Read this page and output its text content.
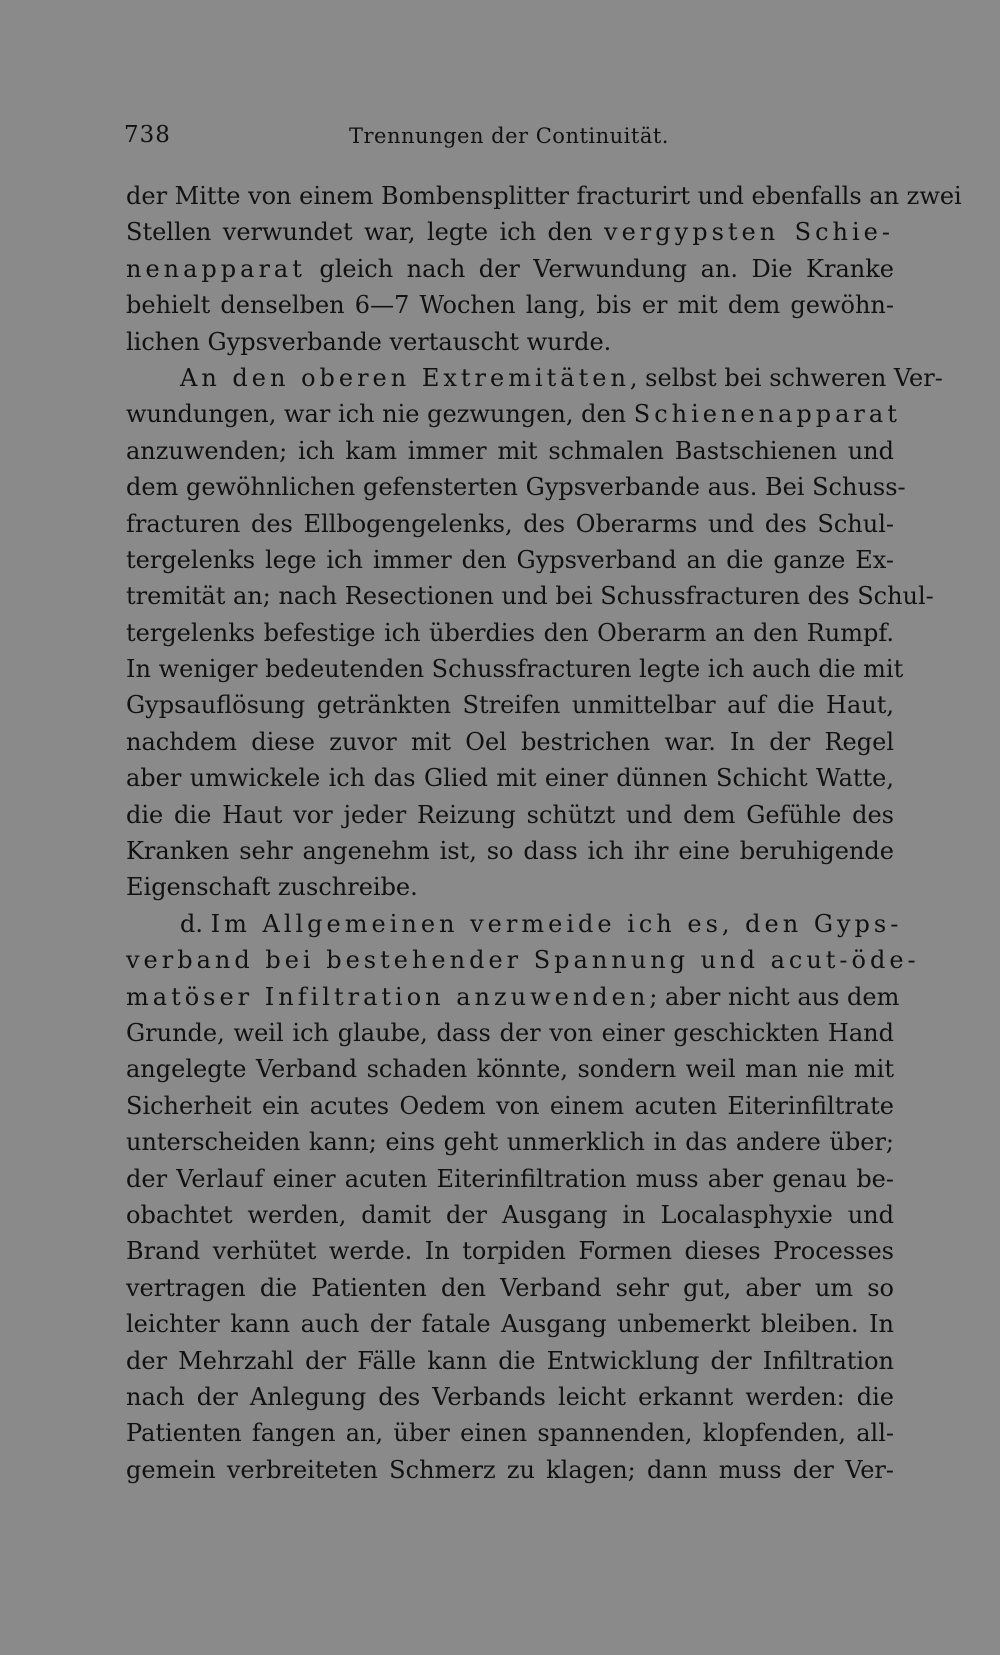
738	Trennungen der Continuität.
der Mitte von einem Bombensplitter fracturirt und ebenfalls an zwei
Stellen verwundet war, legte ich den vergypsten Schie-
nenapparat gleich nach der Verwundung an. Die Kranke
behielt denselben 6—7 Wochen lang, bis er mit dem gewöhn-
lichen Gypsverbande vertauscht wurde.
An den oberen Extremitäten, selbst bei schweren Ver-
wundungen, war ich nie gezwungen, den Schienenapparat
anzuwenden; ich kam immer mit schmalen Bastschienen und
dem gewöhnlichen gefensterten Gypsverbande aus. Bei Schuss-
fracturen des Ellbogengelenks, des Oberarms und des Schul-
tergelenks lege ich immer den Gypsverband an die ganze Ex-
tremität an; nach Resectionen und bei Schussfracturen des Schul-
tergelenks befestige ich überdies den Oberarm an den Rumpf.
In weniger bedeutenden Schussfracturen legte ich auch die mit
Gypsauflösung getränkten Streifen unmittelbar auf die Haut,
nachdem diese zuvor mit Oel bestrichen war. In der Regel
aber umwickele ich das Glied mit einer dünnen Schicht Watte,
die die Haut vor jeder Reizung schützt und dem Gefühle des
Kranken sehr angenehm ist, so dass ich ihr eine beruhigende
Eigenschaft zuschreibe.
d. Im Allgemeinen vermeide ich es, den Gyps-
verband bei bestehender Spannung und acut-öde-
matöser Infiltration anzuwenden; aber nicht aus dem
Grunde, weil ich glaube, dass der von einer geschickten Hand
angelegte Verband schaden könnte, sondern weil man nie mit
Sicherheit ein acutes Oedem von einem acuten Eiterinfiltrate
unterscheiden kann; eins geht unmerklich in das andere über;
der Verlauf einer acuten Eiterinfiltration muss aber genau be-
obachtet werden, damit der Ausgang in Localasphyxie und
Brand verhütet werde. In torpiden Formen dieses Processes
vertragen die Patienten den Verband sehr gut, aber um so
leichter kann auch der fatale Ausgang unbemerkt bleiben. In
der Mehrzahl der Fälle kann die Entwicklung der Infiltration
nach der Anlegung des Verbands leicht erkannt werden: die
Patienten fangen an, über einen spannenden, klopfenden, all-
gemein verbreiteten Schmerz zu klagen; dann muss der Ver-
